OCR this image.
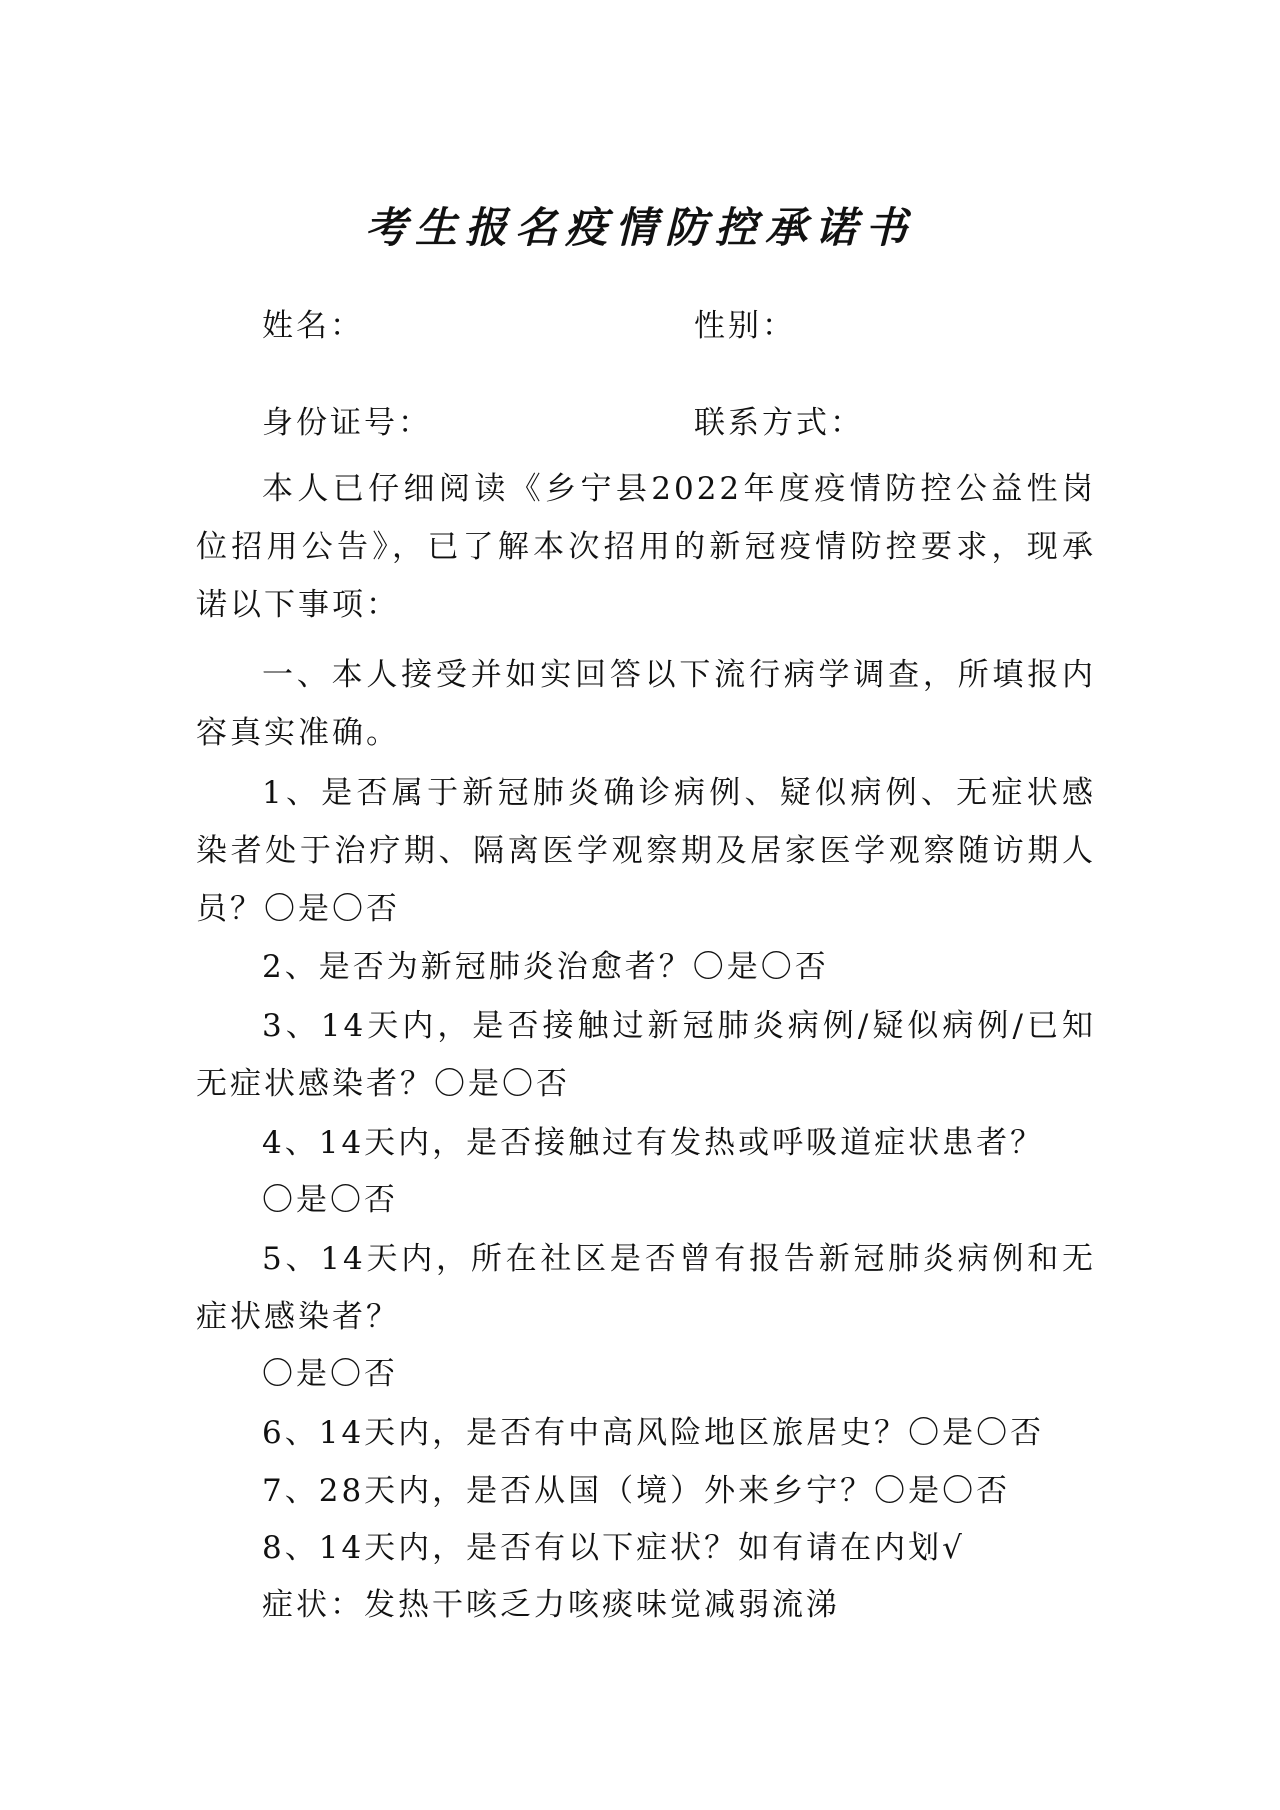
考生报名疫情防控承诺书
姓名：	性别：
身份证号：	联系方式：
本人已仔细阅读《乡宁县2022年度疫情防控公益性岗位招用公告》，已了解本次招用的新冠疫情防控要求，现承诺以下事项：
一、本人接受并如实回答以下流行病学调查，所填报内容真实准确。
1、是否属于新冠肺炎确诊病例、疑似病例、无症状感染者处于治疗期、隔离医学观察期及居家医学观察随访期人员？〇是〇否
2、是否为新冠肺炎治愈者？〇是〇否
3、14天内，是否接触过新冠肺炎病例/疑似病例/已知无症状感染者？〇是〇否
4、14天内，是否接触过有发热或呼吸道症状患者？
〇是〇否
5、14天内，所在社区是否曾有报告新冠肺炎病例和无症状感染者？
〇是〇否
6、14天内，是否有中高风险地区旅居史？〇是〇否
7、28天内，是否从国（境）外来乡宁？〇是〇否
8、14天内，是否有以下症状？如有请在内划√
症状：发热干咳乏力咳痰味觉减弱流涕
